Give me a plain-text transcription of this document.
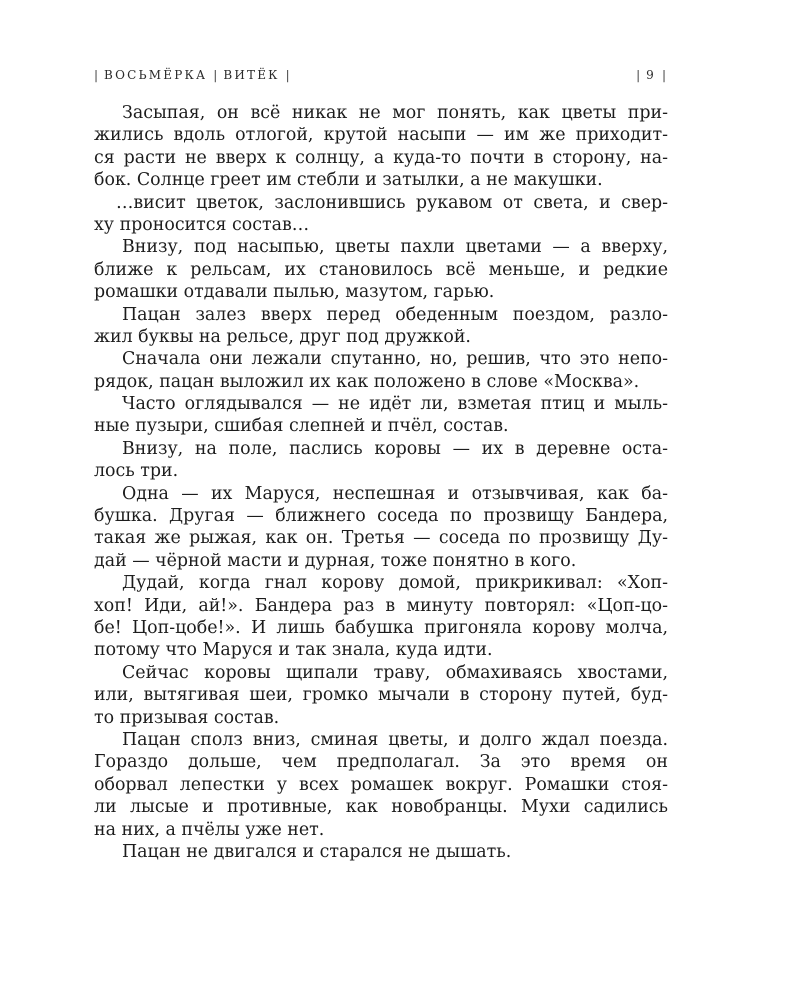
| ВОСЬМЁРКА | ВИТЁК |	| 9 |
Засыпая, он всё никак не мог понять, как цветы при-
жились вдоль отлогой, крутой насыпи — им же приходит-
ся расти не вверх к солнцу, а куда-то почти в сторону, на-
бок. Солнце греет им стебли и затылки, а не макушки.
…висит цветок, заслонившись рукавом от света, и свер-
ху проносится состав…
Внизу, под насыпью, цветы пахли цветами — а вверху,
ближе к рельсам, их становилось всё меньше, и редкие
ромашки отдавали пылью, мазутом, гарью.
Пацан залез вверх перед обеденным поездом, разло-
жил буквы на рельсе, друг под дружкой.
Сначала они лежали спутанно, но, решив, что это непо-
рядок, пацан выложил их как положено в слове «Москва».
Часто оглядывался — не идёт ли, взметая птиц и мыль-
ные пузыри, сшибая слепней и пчёл, состав.
Внизу, на поле, паслись коровы — их в деревне оста-
лось три.
Одна — их Маруся, неспешная и отзывчивая, как ба-
бушка. Другая — ближнего соседа по прозвищу Бандера,
такая же рыжая, как он. Третья — соседа по прозвищу Ду-
дай — чёрной масти и дурная, тоже понятно в кого.
Дудай, когда гнал корову домой, прикрикивал: «Хоп-
хоп! Иди, ай!». Бандера раз в минуту повторял: «Цоп-цо-
бе! Цоп-цобе!». И лишь бабушка пригоняла корову молча,
потому что Маруся и так знала, куда идти.
Сейчас коровы щипали траву, обмахиваясь хвостами,
или, вытягивая шеи, громко мычали в сторону путей, буд-
то призывая состав.
Пацан сполз вниз, сминая цветы, и долго ждал поезда.
Гораздо дольше, чем предполагал. За это время он
оборвал лепестки у всех ромашек вокруг. Ромашки стоя-
ли лысые и противные, как новобранцы. Мухи садились
на них, а пчёлы уже нет.
Пацан не двигался и старался не дышать.
